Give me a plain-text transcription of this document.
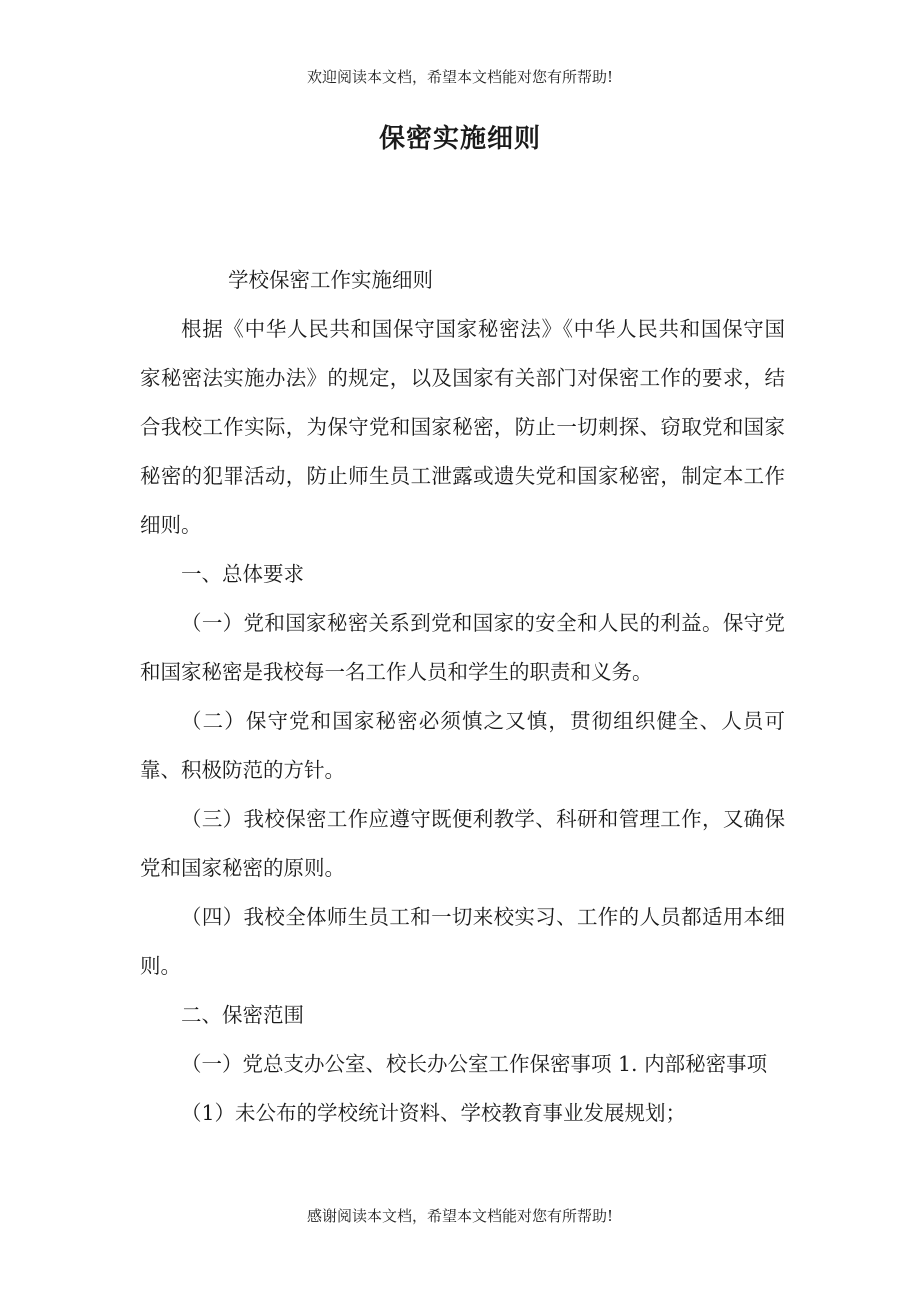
欢迎阅读本文档，希望本文档能对您有所帮助!
保密实施细则

学校保密工作实施细则

根据《中华人民共和国保守国家秘密法》《中华人民共和国保守国家秘密法实施办法》的规定，以及国家有关部门对保密工作的要求，结合我校工作实际，为保守党和国家秘密，防止一切刺探、窃取党和国家秘密的犯罪活动，防止师生员工泄露或遗失党和国家秘密，制定本工作细则。

一、总体要求

（一）党和国家秘密关系到党和国家的安全和人民的利益。保守党和国家秘密是我校每一名工作人员和学生的职责和义务。

（二）保守党和国家秘密必须慎之又慎，贯彻组织健全、人员可靠、积极防范的方针。

（三）我校保密工作应遵守既便利教学、科研和管理工作，又确保党和国家秘密的原则。

（四）我校全体师生员工和一切来校实习、工作的人员都适用本细则。

二、保密范围

（一）党总支办公室、校长办公室工作保密事项 1. 内部秘密事项

（1）未公布的学校统计资料、学校教育事业发展规划；

感谢阅读本文档，希望本文档能对您有所帮助!
